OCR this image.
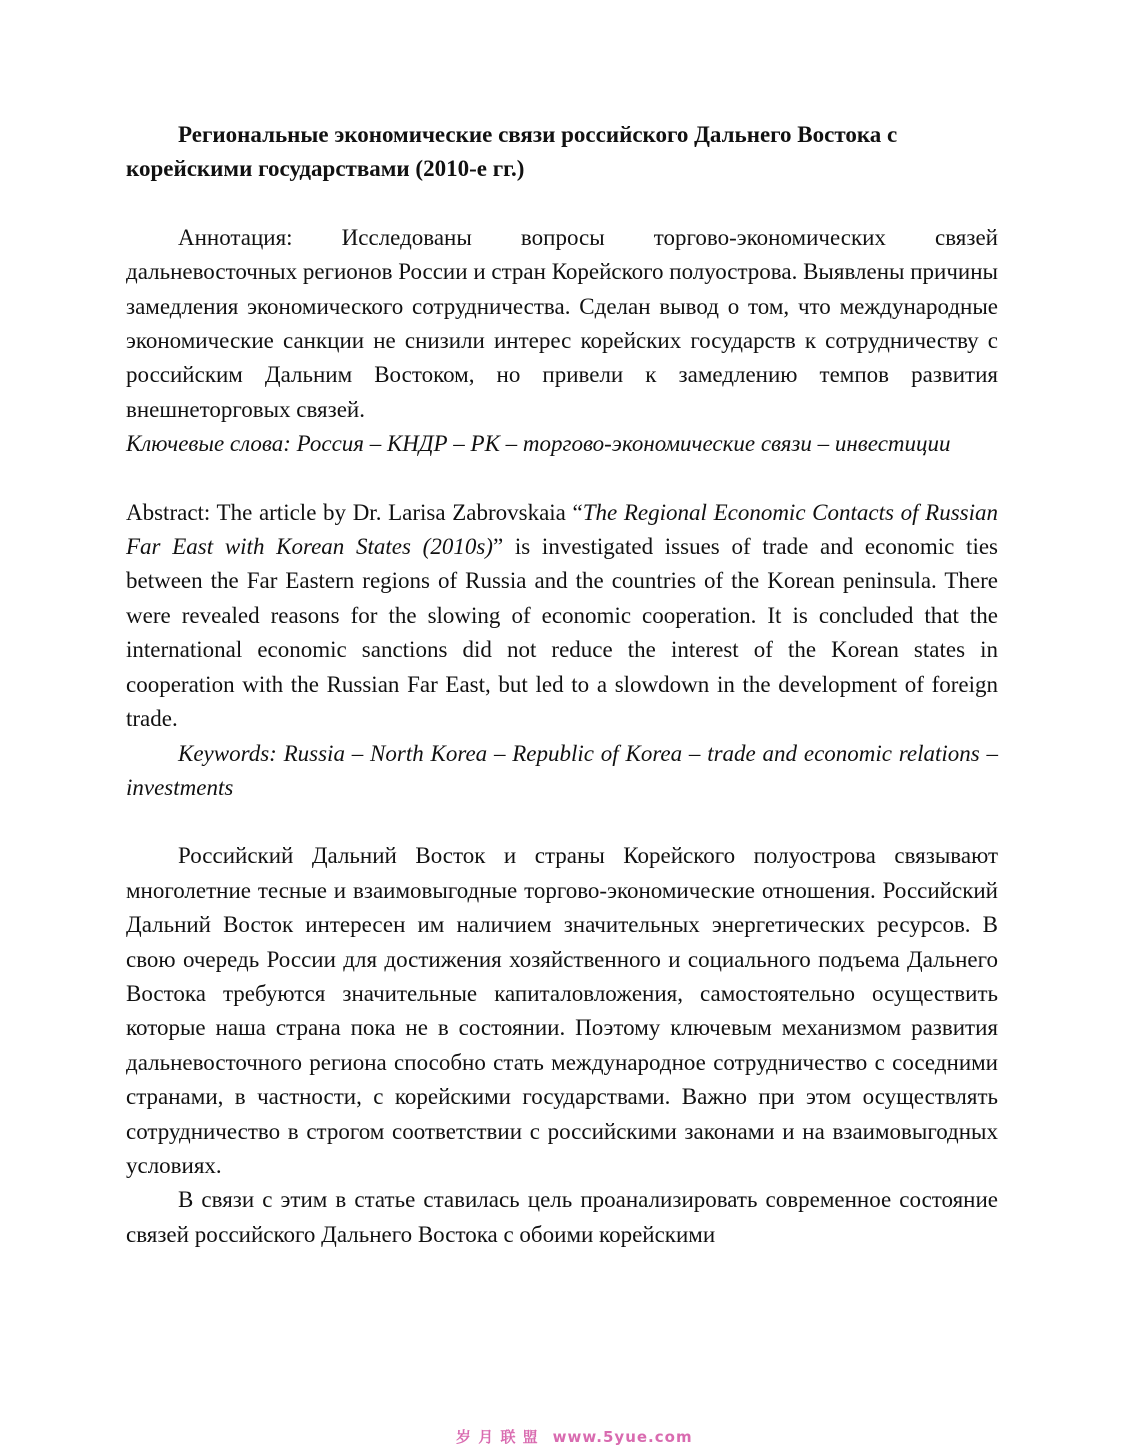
Региональные экономические связи российского Дальнего Востока с корейскими государствами (2010-е гг.)

Аннотация: Исследованы вопросы торгово-экономических связей дальневосточных регионов России и стран Корейского полуострова. Выявлены причины замедления экономического сотрудничества. Сделан вывод о том, что международные экономические санкции не снизили интерес корейских государств к сотрудничеству с российским Дальним Востоком, но привели к замедлению темпов развития внешнеторговых связей.

Ключевые слова: Россия – КНДР – РК – торгово-экономические связи – инвестиции

Abstract: The article by Dr. Larisa Zabrovskaia “The Regional Economic Contacts of Russian Far East with Korean States (2010s)” is investigated issues of trade and economic ties between the Far Eastern regions of Russia and the countries of the Korean peninsula. There were revealed reasons for the slowing of economic cooperation. It is concluded that the international economic sanctions did not reduce the interest of the Korean states in cooperation with the Russian Far East, but led to a slowdown in the development of foreign trade.

Keywords: Russia – North Korea – Republic of Korea – trade and economic relations – investments

Российский Дальний Восток и страны Корейского полуострова связывают многолетние тесные и взаимовыгодные торгово-экономические отношения. Российский Дальний Восток интересен им наличием значительных энергетических ресурсов. В свою очередь России для достижения хозяйственного и социального подъема Дальнего Востока требуются значительные капиталовложения, самостоятельно осуществить которые наша страна пока не в состоянии. Поэтому ключевым механизмом развития дальневосточного региона способно стать международное сотрудничество с соседними странами, в частности, с корейскими государствами. Важно при этом осуществлять сотрудничество в строгом соответствии с российскими законами и на взаимовыгодных условиях.

В связи с этим в статье ставилась цель проанализировать современное состояние связей российского Дальнего Востока с обоими корейскими

岁 月 联 盟 www.5yue.com
